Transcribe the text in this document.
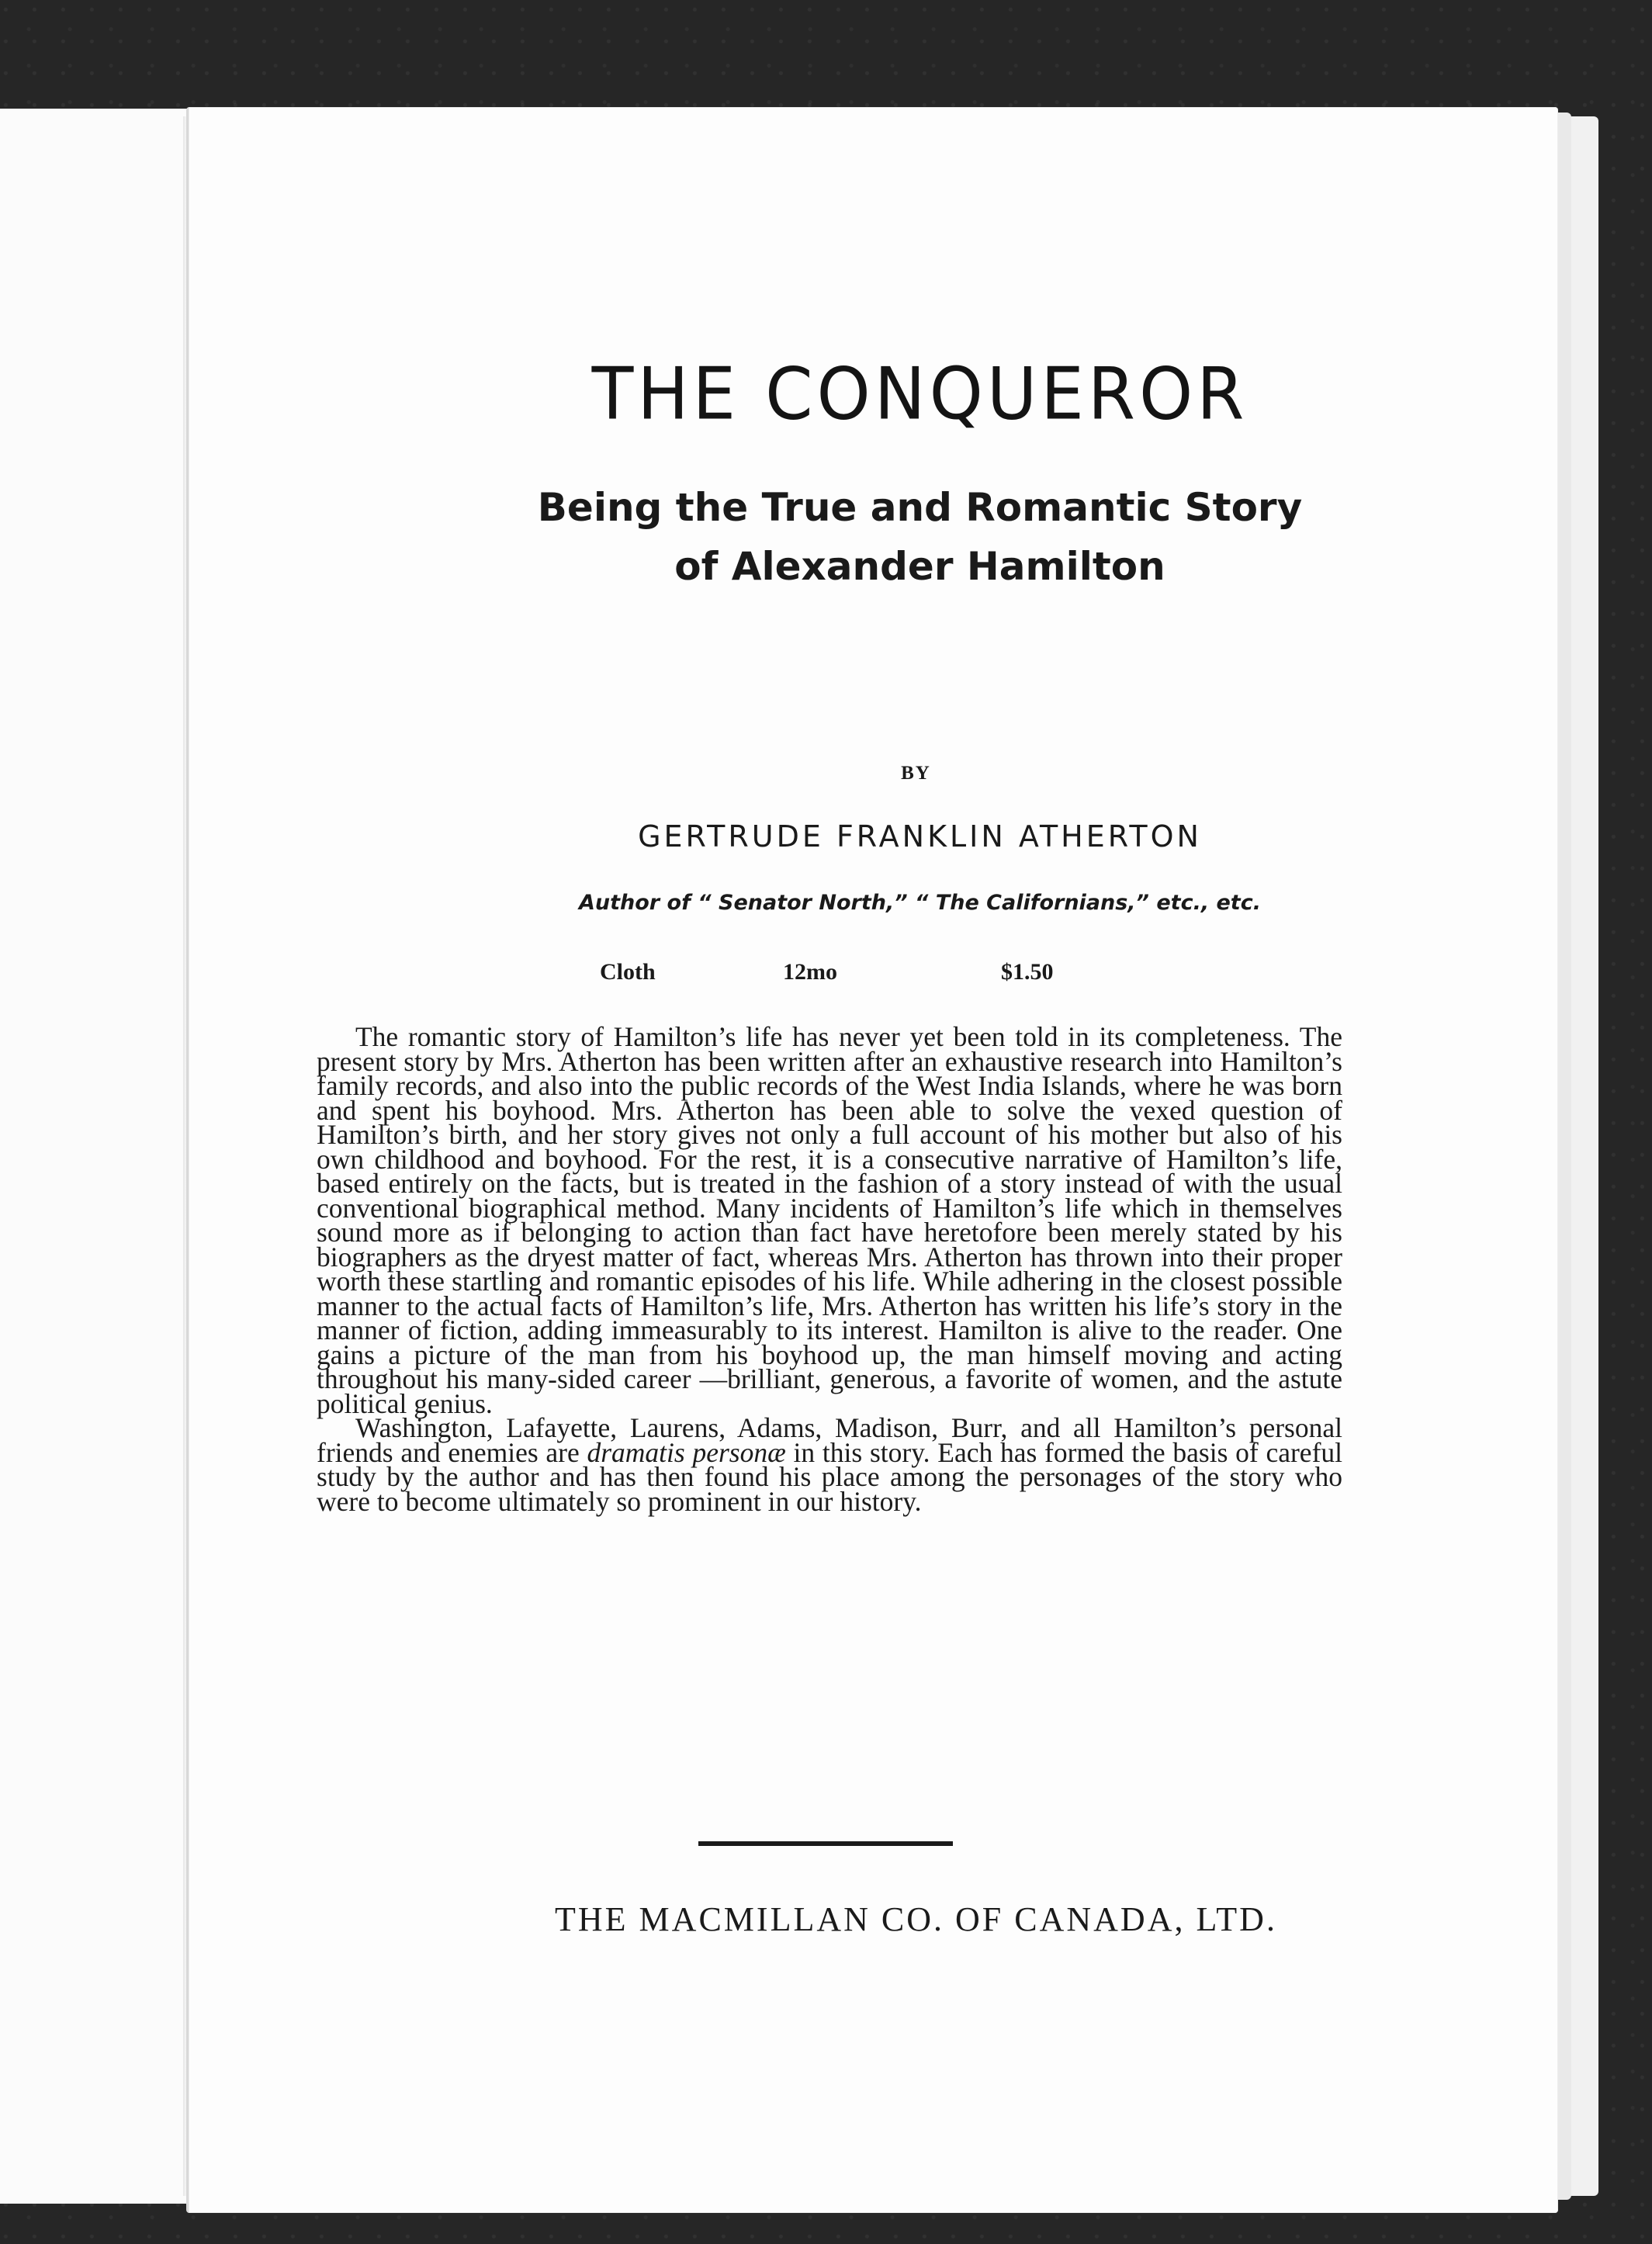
THE CONQUEROR
Being the True and Romantic Story
of Alexander Hamilton
BY
GERTRUDE FRANKLIN ATHERTON
Author of “ Senator North,” “ The Californians,” etc., etc.
Cloth	12mo	$1.50

The romantic story of Hamilton’s life has never yet been told in its completeness. The present story by Mrs. Atherton has been written after an exhaustive research into Hamilton’s family records, and also into the public records of the West India Islands, where he was born and spent his boyhood. Mrs. Atherton has been able to solve the vexed question of Hamilton’s birth, and her story gives not only a full account of his mother but also of his own childhood and boyhood. For the rest, it is a consecutive narrative of Hamilton’s life, based entirely on the facts, but is treated in the fashion of a story instead of with the usual conventional biographical method. Many incidents of Hamilton’s life which in themselves sound more as if belonging to action than fact have heretofore been merely stated by his biographers as the dryest matter of fact, whereas Mrs. Atherton has thrown into their proper worth these startling and romantic episodes of his life. While adhering in the closest possible manner to the actual facts of Hamilton’s life, Mrs. Atherton has written his life’s story in the manner of fiction, adding immeasurably to its interest. Hamilton is alive to the reader. One gains a picture of the man from his boyhood up, the man himself moving and acting throughout his many-sided career —brilliant, generous, a favorite of women, and the astute political genius.

Washington, Lafayette, Laurens, Adams, Madison, Burr, and all Hamilton’s personal friends and enemies are dramatis personæ in this story. Each has formed the basis of careful study by the author and has then found his place among the personages of the story who were to become ultimately so prominent in our history.

THE MACMILLAN CO. OF CANADA, LTD.
